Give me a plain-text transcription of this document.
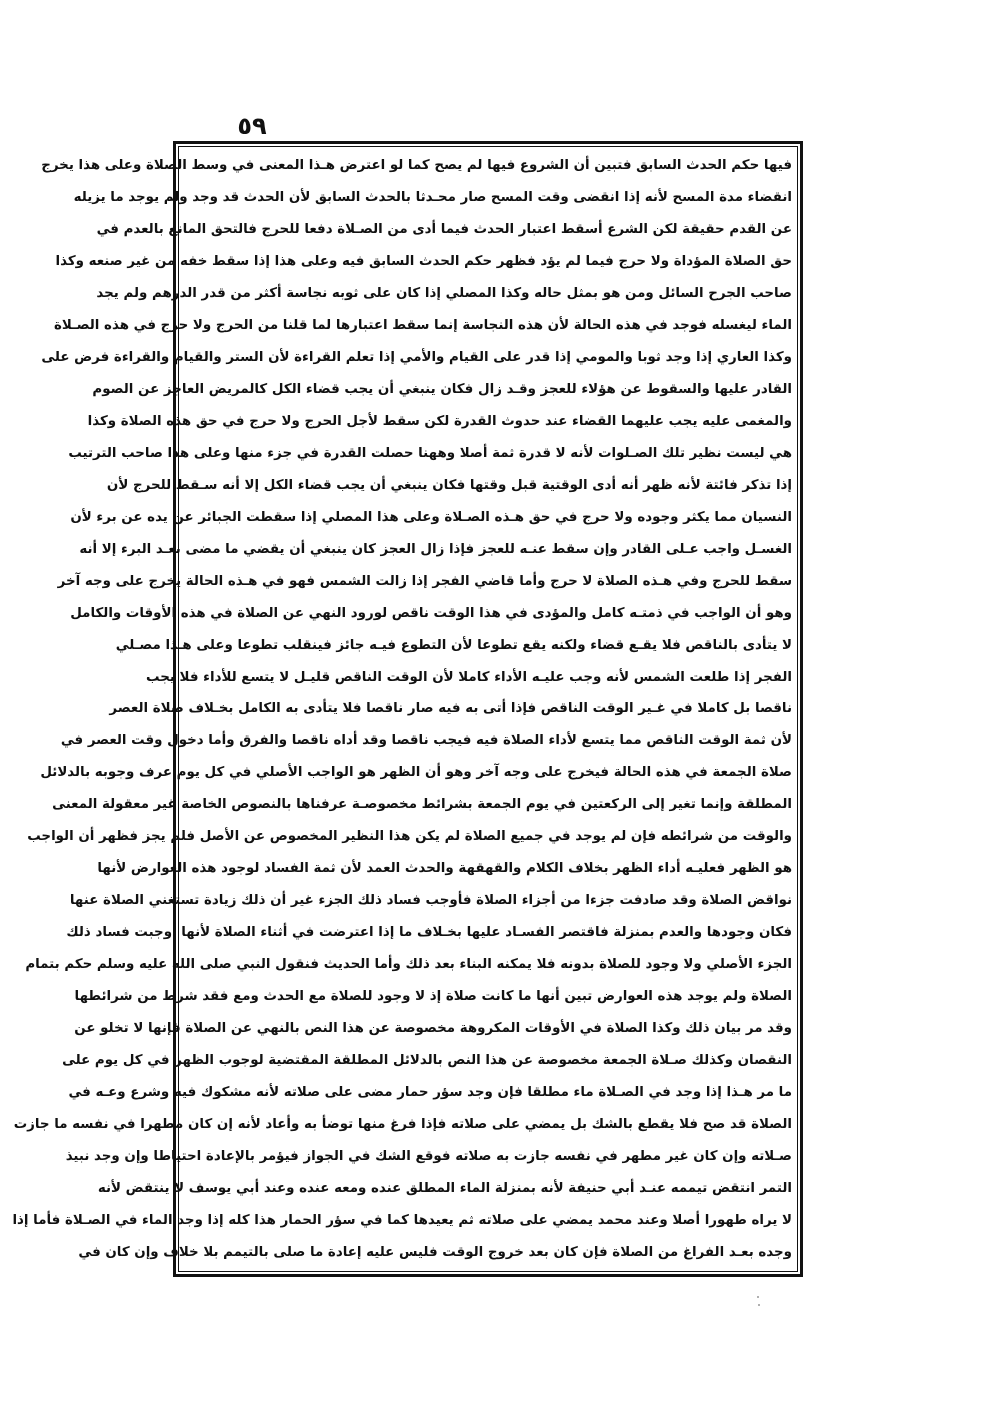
٥٩
فيها حكم الحدث السابق فتبين أن الشروع فيها لم يصح كما لو اعترض هـذا المعنى في وسط الصلاة وعلى هذا يخرج
انقضاء مدة المسح لأنه إذا انقضى وقت المسح صار محـدثا بالحدث السابق لأن الحدث قد وجد ولم يوجد ما يزيله
عن القدم حقيقة لكن الشرع أسقط اعتبار الحدث فيما أدى من الصـلاة دفعا للحرج فالتحق المانع بالعدم في
حق الصلاة المؤداة ولا حرج فيما لم يؤد فظهر حكم الحدث السابق فيه وعلى هذا إذا سقط خفه من غير صنعه وكذا
صاحب الجرح السائل ومن هو بمثل حاله وكذا المصلي إذا كان على ثوبه نجاسة أكثر من قدر الدرهم ولم يجد
الماء ليغسله فوجد في هذه الحالة لأن هذه النجاسة إنما سقط اعتبارها لما قلنا من الحرج ولا حرج في هذه الصـلاة
وكذا العاري إذا وجد ثوبا والمومي إذا قدر على القيام والأمي إذا تعلم القراءة لأن الستر والقيام والقراءة فرض على
القادر عليها والسقوط عن هؤلاء للعجز وقـد زال فكان ينبغي أن يجب قضاء الكل كالمريض العاجز عن الصوم
والمغمى عليه يجب عليهما القضاء عند حدوث القدرة لكن سقط لأجل الحرج ولا حرج في حق هذه الصلاة وكذا
هي ليست نظير تلك الصـلوات لأنه لا قدرة ثمة أصلا وههنا حصلت القدرة في جزء منها وعلى هذا صاحب الترتيب
إذا تذكر فائتة لأنه ظهر أنه أدى الوقتية قبل وقتها فكان ينبغي أن يجب قضاء الكل إلا أنه سـقط للحرج لأن
النسيان مما يكثر وجوده ولا حرج في حق هـذه الصـلاة وعلى هذا المصلي إذا سقطت الجبائر عن يده عن برء لأن
الغسـل واجب عـلى القادر وإن سقط عنـه للعجز فإذا زال العجز كان ينبغي أن يقضي ما مضى بعـد البرء إلا أنه
سقط للحرج وفي هـذه الصلاة لا حرج وأما قاضي الفجر إذا زالت الشمس فهو في هـذه الحالة يخرج على وجه آخر
وهو أن الواجب في ذمتـه كامل والمؤدى في هذا الوقت ناقص لورود النهي عن الصلاة في هذه الأوقات والكامل
لا يتأدى بالناقص فلا يقـع قضاء ولكنه يقع تطوعا لأن التطوع فيـه جائز فينقلب تطوعا وعلى هـذا مصـلي
الفجر إذا طلعت الشمس لأنه وجب عليـه الأداء كاملا لأن الوقت الناقص قليـل لا يتسع للأداء فلا يجب
ناقصا بل كاملا في غـير الوقت الناقص فإذا أتى به فيه صار ناقصا فلا يتأدى به الكامل بخـلاف صلاة العصر
لأن ثمة الوقت الناقص مما يتسع لأداء الصلاة فيه فيجب ناقصا وقد أداه ناقصا والفرق وأما دخول وقت العصر في
صلاة الجمعة في هذه الحالة فيخرج على وجه آخر وهو أن الظهر هو الواجب الأصلي في كل يوم عرف وجوبه بالدلائل
المطلقة وإنما تغير إلى الركعتين في يوم الجمعة بشرائط مخصوصـة عرفناها بالنصوص الخاصة غير معقولة المعنى
والوقت من شرائطه فإن لم يوجد في جميع الصلاة لم يكن هذا النظير المخصوص عن الأصل فلم يجز فظهر أن الواجب
هو الظهر فعليـه أداء الظهر بخلاف الكلام والقهقهة والحدث العمد لأن ثمة الفساد لوجود هذه العوارض لأنها
نواقض الصلاة وقد صادفت جزءا من أجزاء الصلاة فأوجب فساد ذلك الجزء غير أن ذلك زيادة تستغني الصلاة عنها
فكان وجودها والعدم بمنزلة فاقتصر الفسـاد عليها بخـلاف ما إذا اعترضت في أثناء الصلاة لأنها أوجبت فساد ذلك
الجزء الأصلي ولا وجود للصلاة بدونه فلا يمكنه البناء بعد ذلك وأما الحديث فنقول النبي صلى الله عليه وسلم حكم بتمام
الصلاة ولم يوجد هذه العوارض تبين أنها ما كانت صلاة إذ لا وجود للصلاة مع الحدث ومع فقد شرط من شرائطها
وقد مر بيان ذلك وكذا الصلاة في الأوقات المكروهة مخصوصة عن هذا النص بالنهي عن الصلاة فإنها لا تخلو عن
النقصان وكذلك صـلاة الجمعة مخصوصة عن هذا النص بالدلائل المطلقة المقتضية لوجوب الظهر في كل يوم على
ما مر هـذا إذا وجد في الصـلاة ماء مطلقا فإن وجد سؤر حمار مضى على صلاته لأنه مشكوك فيه وشرع وعـه في
الصلاة قد صح فلا يقطع بالشك بل يمضي على صلاته فإذا فرغ منها توضأ به وأعاد لأنه إن كان مطهرا في نفسه ما جازت
صـلاته وإن كان غير مطهر في نفسه جازت به صلاته فوقع الشك في الجواز فيؤمر بالإعادة احتياطا وإن وجد نبيذ
التمر انتقض تيممه عنـد أبي حنيفة لأنه بمنزلة الماء المطلق عنده ومعه عنده وعند أبي يوسف لا ينتقض لأنه
لا يراه طهورا أصلا وعند محمد يمضي على صلاته ثم يعيدها كما في سؤر الحمار هذا كله إذا وجد الماء في الصـلاة فأما إذا
وجده بعـد الفراغ من الصلاة فإن كان بعد خروج الوقت فليس عليه إعادة ما صلى بالتيمم بلا خلاف وإن كان في
